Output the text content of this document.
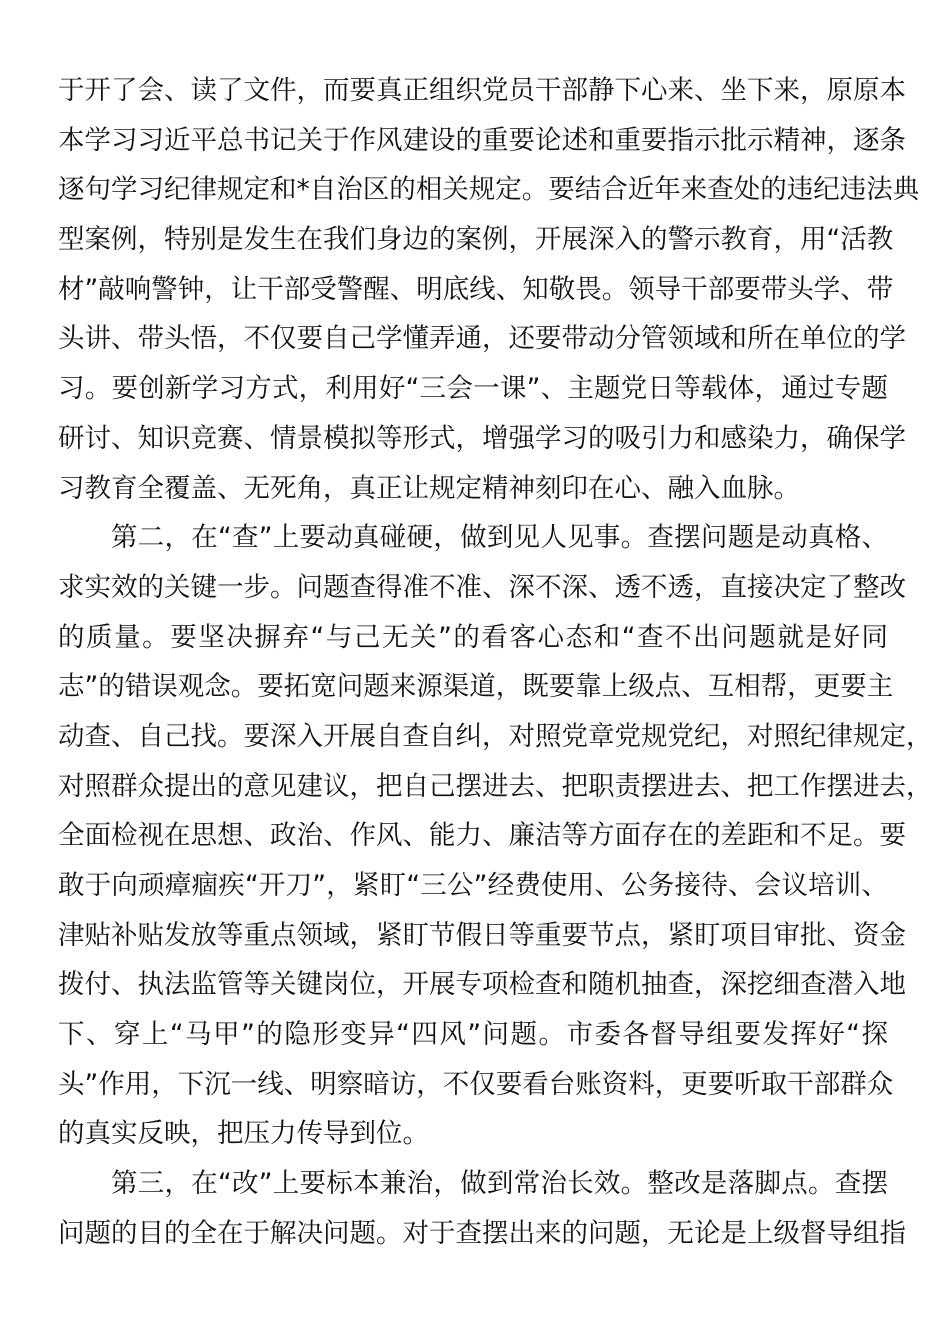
于开了会、读了文件，而要真正组织党员干部静下心来、坐下来，原原本
本学习习近平总书记关于作风建设的重要论述和重要指示批示精神，逐条
逐句学习纪律规定和*自治区的相关规定。要结合近年来查处的违纪违法典
型案例，特别是发生在我们身边的案例，开展深入的警示教育，用“活教
材”敲响警钟，让干部受警醒、明底线、知敬畏。领导干部要带头学、带
头讲、带头悟，不仅要自己学懂弄通，还要带动分管领域和所在单位的学
习。要创新学习方式，利用好“三会一课”、主题党日等载体，通过专题
研讨、知识竞赛、情景模拟等形式，增强学习的吸引力和感染力，确保学
习教育全覆盖、无死角，真正让规定精神刻印在心、融入血脉。
第二，在“查”上要动真碰硬，做到见人见事。查摆问题是动真格、
求实效的关键一步。问题查得准不准、深不深、透不透，直接决定了整改
的质量。要坚决摒弃“与己无关”的看客心态和“查不出问题就是好同
志”的错误观念。要拓宽问题来源渠道，既要靠上级点、互相帮，更要主
动查、自己找。要深入开展自查自纠，对照党章党规党纪，对照纪律规定，
对照群众提出的意见建议，把自己摆进去、把职责摆进去、把工作摆进去，
全面检视在思想、政治、作风、能力、廉洁等方面存在的差距和不足。要
敢于向顽瘴痼疾“开刀”，紧盯“三公”经费使用、公务接待、会议培训、
津贴补贴发放等重点领域，紧盯节假日等重要节点，紧盯项目审批、资金
拨付、执法监管等关键岗位，开展专项检查和随机抽查，深挖细查潜入地
下、穿上“马甲”的隐形变异“四风”问题。市委各督导组要发挥好“探
头”作用，下沉一线、明察暗访，不仅要看台账资料，更要听取干部群众
的真实反映，把压力传导到位。
第三，在“改”上要标本兼治，做到常治长效。整改是落脚点。查摆
问题的目的全在于解决问题。对于查摆出来的问题，无论是上级督导组指
